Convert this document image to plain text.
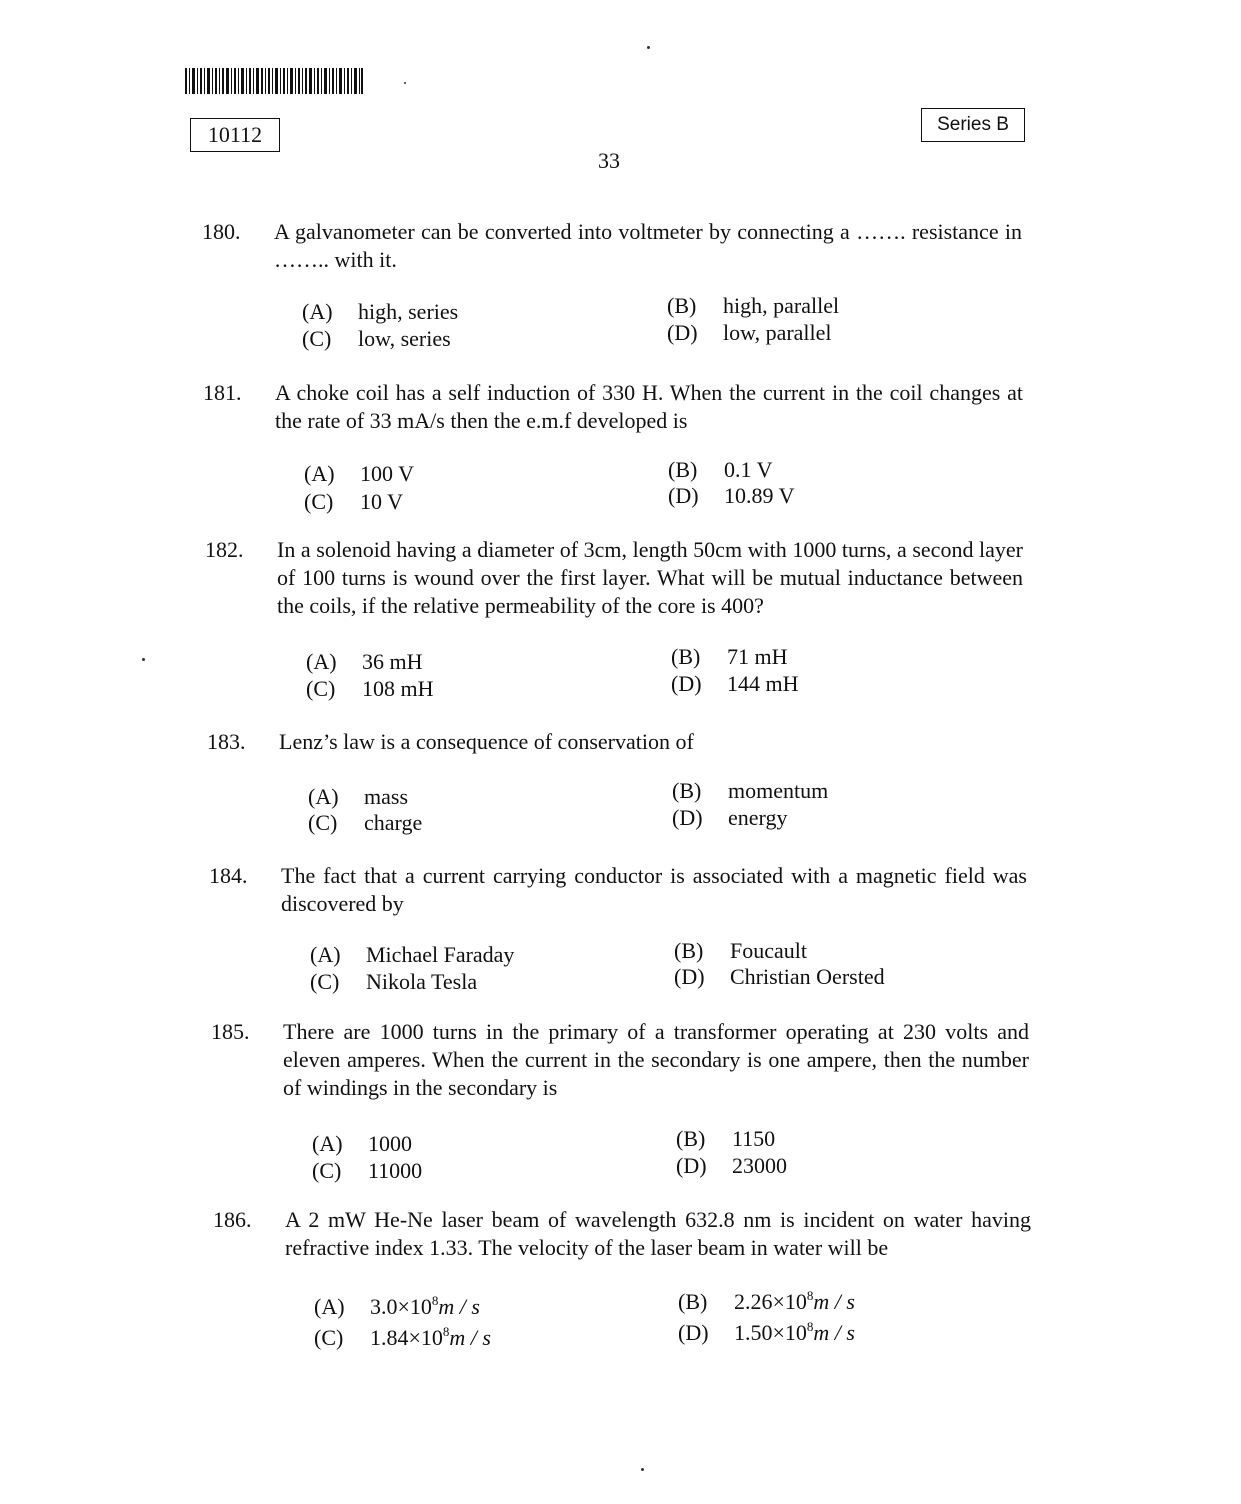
10112	Series B
33
180.	A galvanometer can be converted into voltmeter by connecting a ……. resistance in …….. with it.
(A) high, series	(B) high, parallel
(C) low, series	(D) low, parallel
181.	A choke coil has a self induction of 330 H. When the current in the coil changes at the rate of 33 mA/s then the e.m.f developed is
(A) 100 V	(B) 0.1 V
(C) 10 V	(D) 10.89 V
182.	In a solenoid having a diameter of 3cm, length 50cm with 1000 turns, a second layer of 100 turns is wound over the first layer. What will be mutual inductance between the coils, if the relative permeability of the core is 400?
(A) 36 mH	(B) 71 mH
(C) 108 mH	(D) 144 mH
183.	Lenz’s law is a consequence of conservation of
(A) mass	(B) momentum
(C) charge	(D) energy
184.	The fact that a current carrying conductor is associated with a magnetic field was discovered by
(A) Michael Faraday	(B) Foucault
(C) Nikola Tesla	(D) Christian Oersted
185.	There are 1000 turns in the primary of a transformer operating at 230 volts and eleven amperes. When the current in the secondary is one ampere, then the number of windings in the secondary is
(A) 1000	(B) 1150
(C) 11000	(D) 23000
186.	A 2 mW He-Ne laser beam of wavelength 632.8 nm is incident on water having refractive index 1.33. The velocity of the laser beam in water will be
(A) $3.0\times 10^8m / s$	(B) $2.26\times 10^8m / s$
(C) $1.84\times 10^8m / s$	(D) $1.50\times 10^8m / s$
